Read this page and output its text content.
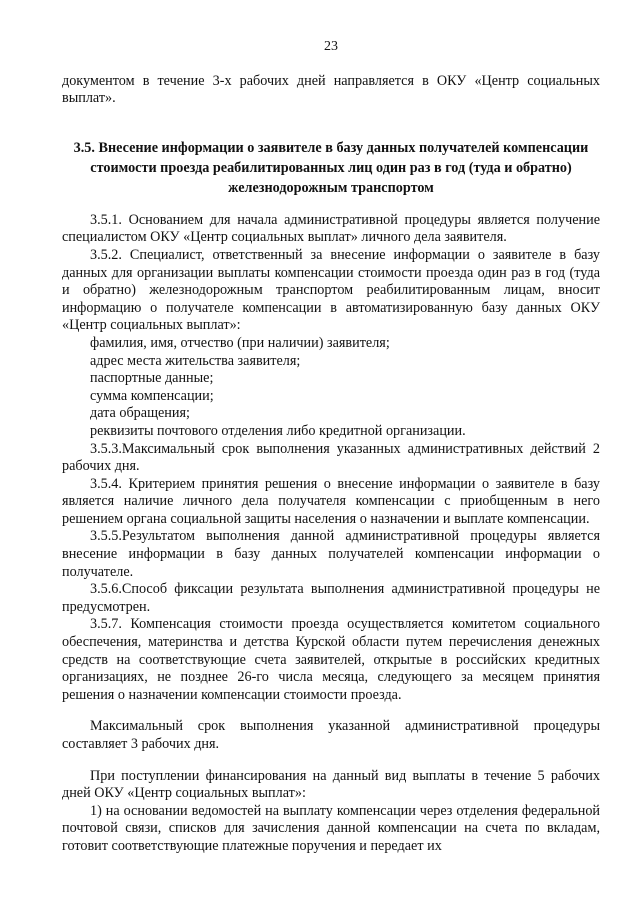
23

документом в течение 3-х рабочих дней направляется в ОКУ «Центр социальных выплат».

3.5. Внесение информации о заявителе в базу данных получателей компенсации стоимости проезда реабилитированных лиц один раз в год (туда и обратно) железнодорожным транспортом

3.5.1. Основанием для начала административной процедуры является получение специалистом ОКУ «Центр социальных выплат» личного дела заявителя.

3.5.2. Специалист, ответственный за внесение информации о заявителе в базу данных для организации выплаты компенсации стоимости проезда один раз в год (туда и обратно) железнодорожным транспортом реабилитированным лицам, вносит информацию о получателе компенсации в автоматизированную базу данных ОКУ «Центр социальных выплат»:

фамилия, имя, отчество (при наличии) заявителя;

адрес места жительства заявителя;

паспортные данные;

сумма компенсации;

дата обращения;

реквизиты почтового отделения либо кредитной организации.

3.5.3.Максимальный срок выполнения указанных административных действий 2 рабочих дня.

3.5.4. Критерием принятия решения о внесение информации о заявителе в базу является наличие личного дела получателя компенсации с приобщенным в него решением органа социальной защиты населения о назначении и выплате компенсации.

3.5.5.Результатом выполнения данной административной процедуры является внесение информации в базу данных получателей компенсации информации о получателе.

3.5.6.Способ фиксации результата выполнения административной процедуры не предусмотрен.

3.5.7. Компенсация стоимости проезда осуществляется комитетом социального обеспечения, материнства и детства Курской области путем перечисления денежных средств на соответствующие счета заявителей, открытые в российских кредитных организациях, не позднее 26-го числа месяца, следующего за месяцем принятия решения о назначении компенсации стоимости проезда.

Максимальный срок выполнения указанной административной процедуры составляет 3 рабочих дня.

При поступлении финансирования на данный вид выплаты в течение 5 рабочих дней ОКУ «Центр социальных выплат»:

1) на основании ведомостей на выплату компенсации через отделения федеральной почтовой связи, списков для зачисления данной компенсации на счета по вкладам, готовит соответствующие платежные поручения и передает их
